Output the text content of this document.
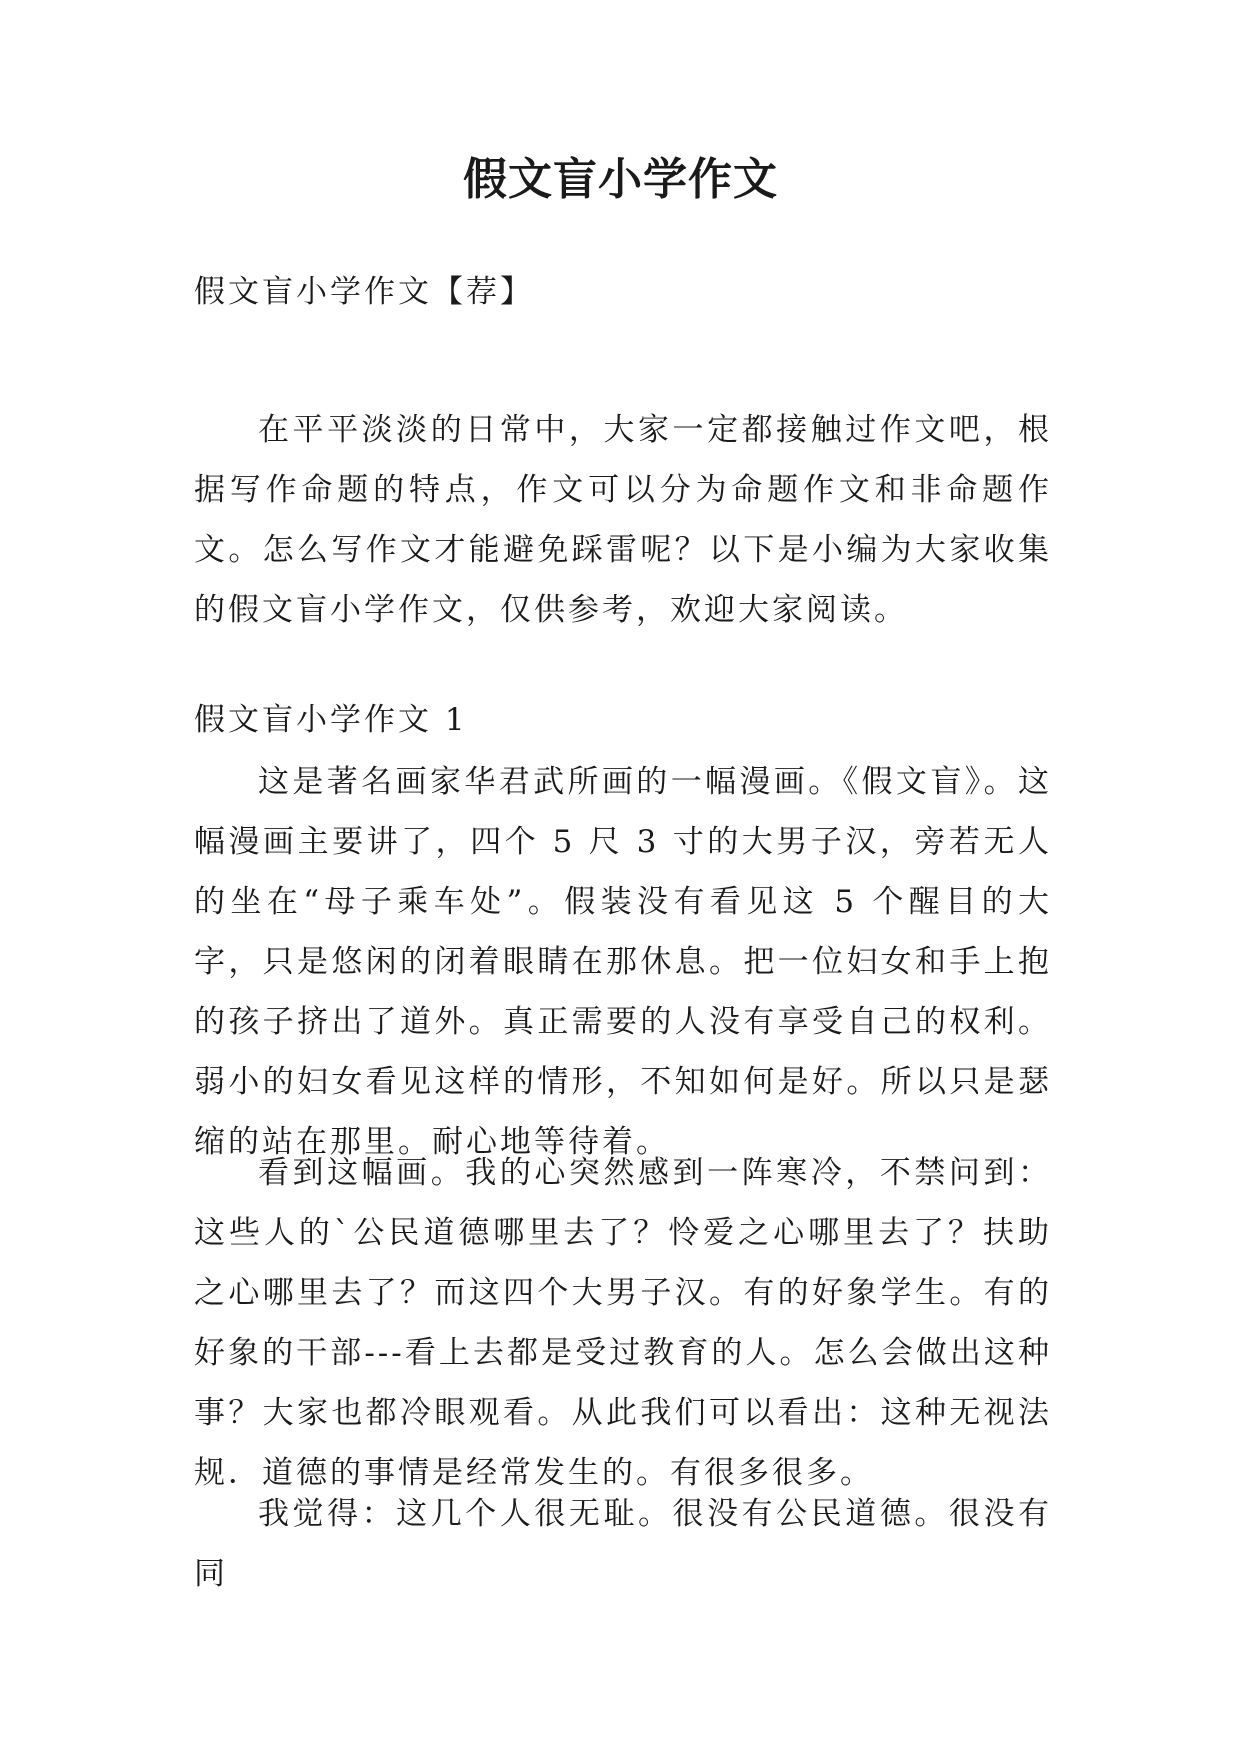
假文盲小学作文

假文盲小学作文【荐】

在平平淡淡的日常中，大家一定都接触过作文吧，根据写作命题的特点，作文可以分为命题作文和非命题作文。怎么写作文才能避免踩雷呢？以下是小编为大家收集的假文盲小学作文，仅供参考，欢迎大家阅读。

假文盲小学作文 1

这是著名画家华君武所画的一幅漫画。《假文盲》。这幅漫画主要讲了，四个 5 尺 3 寸的大男子汉，旁若无人的坐在“母子乘车处”。假装没有看见这 5 个醒目的大字，只是悠闲的闭着眼睛在那休息。把一位妇女和手上抱的孩子挤出了道外。真正需要的人没有享受自己的权利。弱小的妇女看见这样的情形，不知如何是好。所以只是瑟缩的站在那里。耐心地等待着。

看到这幅画。我的心突然感到一阵寒冷，不禁问到：这些人的`公民道德哪里去了？怜爱之心哪里去了？扶助之心哪里去了？而这四个大男子汉。有的好象学生。有的好象的干部---看上去都是受过教育的人。怎么会做出这种事？大家也都冷眼观看。从此我们可以看出：这种无视法规．道德的事情是经常发生的。有很多很多。

我觉得：这几个人很无耻。很没有公民道德。很没有同
